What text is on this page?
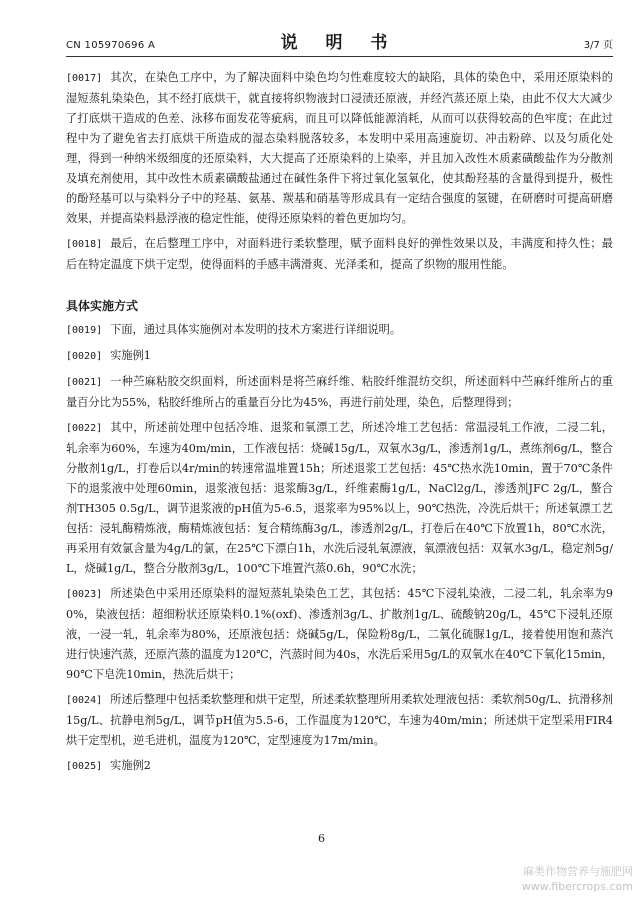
CN 105970696 A	说 明 书	3/7 页

[0017] 其次，在染色工序中，为了解决面料中染色均匀性难度较大的缺陷，具体的染色中，采用还原染料的湿短蒸轧染染色，其不经打底烘干，就直接将织物液封口浸渍还原液，并经汽蒸还原上染，由此不仅大大减少了打底烘干造成的色差、泳移布面发花等疵病，而且可以降低能源消耗，从而可以获得较高的色牢度；在此过程中为了避免省去打底烘干所造成的湿态染料脱落较多，本发明中采用高速旋切、冲击粉碎、以及匀质化处理，得到一种纳米级细度的还原染料，大大提高了还原染料的上染率，并且加入改性木质素磺酸盐作为分散剂及填充剂使用，其中改性木质素磺酸盐通过在碱性条件下将过氧化氢氧化，使其酚羟基的含量得到提升，极性的酚羟基可以与染料分子中的羟基、氨基、羰基和硝基等形成具有一定结合强度的氢键，在研磨时可提高研磨效果，并提高染料悬浮液的稳定性能，使得还原染料的着色更加均匀。

[0018] 最后，在后整理工序中，对面料进行柔软整理，赋予面料良好的弹性效果以及，丰满度和持久性；最后在特定温度下烘干定型，使得面料的手感丰满滑爽、光泽柔和，提高了织物的服用性能。

具体实施方式

[0019] 下面，通过具体实施例对本发明的技术方案进行详细说明。

[0020] 实施例1

[0021] 一种苎麻粘胶交织面料，所述面料是将苎麻纤维、粘胶纤维混纺交织，所述面料中苎麻纤维所占的重量百分比为55%，粘胶纤维所占的重量百分比为45%，再进行前处理，染色，后整理得到；

[0022] 其中，所述前处理中包括冷堆、退浆和氧漂工艺，所述冷堆工艺包括：常温浸轧工作液，二浸二轧，轧余率为60%，车速为40m/min，工作液包括：烧碱15g/L，双氧水3g/L，渗透剂1g/L，煮练剂6g/L，整合分散剂1g/L，打卷后以4r/min的转速常温堆置15h；所述退浆工艺包括：45℃热水洗10min，置于70℃条件下的退浆液中处理60min，退浆液包括：退浆酶3g/L，纤维素酶1g/L，NaCl2g/L，渗透剂JFC 2g/L，螯合剂TH305 0.5g/L，调节退浆液的pH值为5-6.5，退浆率为95%以上，90℃热洗，冷洗后烘干；所述氧漂工艺包括：浸轧酶精炼液，酶精炼液包括：复合精练酶3g/L，渗透剂2g/L，打卷后在40℃下放置1h，80℃水洗，再采用有效氯含量为4g/L的氯，在25℃下漂白1h，水洗后浸轧氧漂液，氧漂液包括：双氧水3g/L，稳定剂5g/L，烧碱1g/L，整合分散剂3g/L，100℃下堆置汽蒸0.6h，90℃水洗；

[0023] 所述染色中采用还原染料的湿短蒸轧染染色工艺，其包括：45℃下浸轧染液，二浸二轧，轧余率为90%，染液包括：超细粉状还原染料0.1%(oxf)、渗透剂3g/L、扩散剂1g/L、硫酸钠20g/L，45℃下浸轧还原液，一浸一轧，轧余率为80%，还原液包括：烧碱5g/L，保险粉8g/L，二氧化硫脲1g/L，接着使用饱和蒸汽进行快速汽蒸，还原汽蒸的温度为120℃，汽蒸时间为40s，水洗后采用5g/L的双氧水在40℃下氧化15min，90℃下皂洗10min，热洗后烘干；

[0024] 所述后整理中包括柔软整理和烘干定型，所述柔软整理所用柔软处理液包括：柔软剂50g/L、抗滑移剂15g/L、抗静电剂5g/L，调节pH值为5.5-6，工作温度为120℃，车速为40m/min；所述烘干定型采用FIR4烘干定型机，逆毛进机，温度为120℃，定型速度为17m/min。

[0025] 实施例2

6
麻类作物营养与施肥网
www.fibercrops.com
